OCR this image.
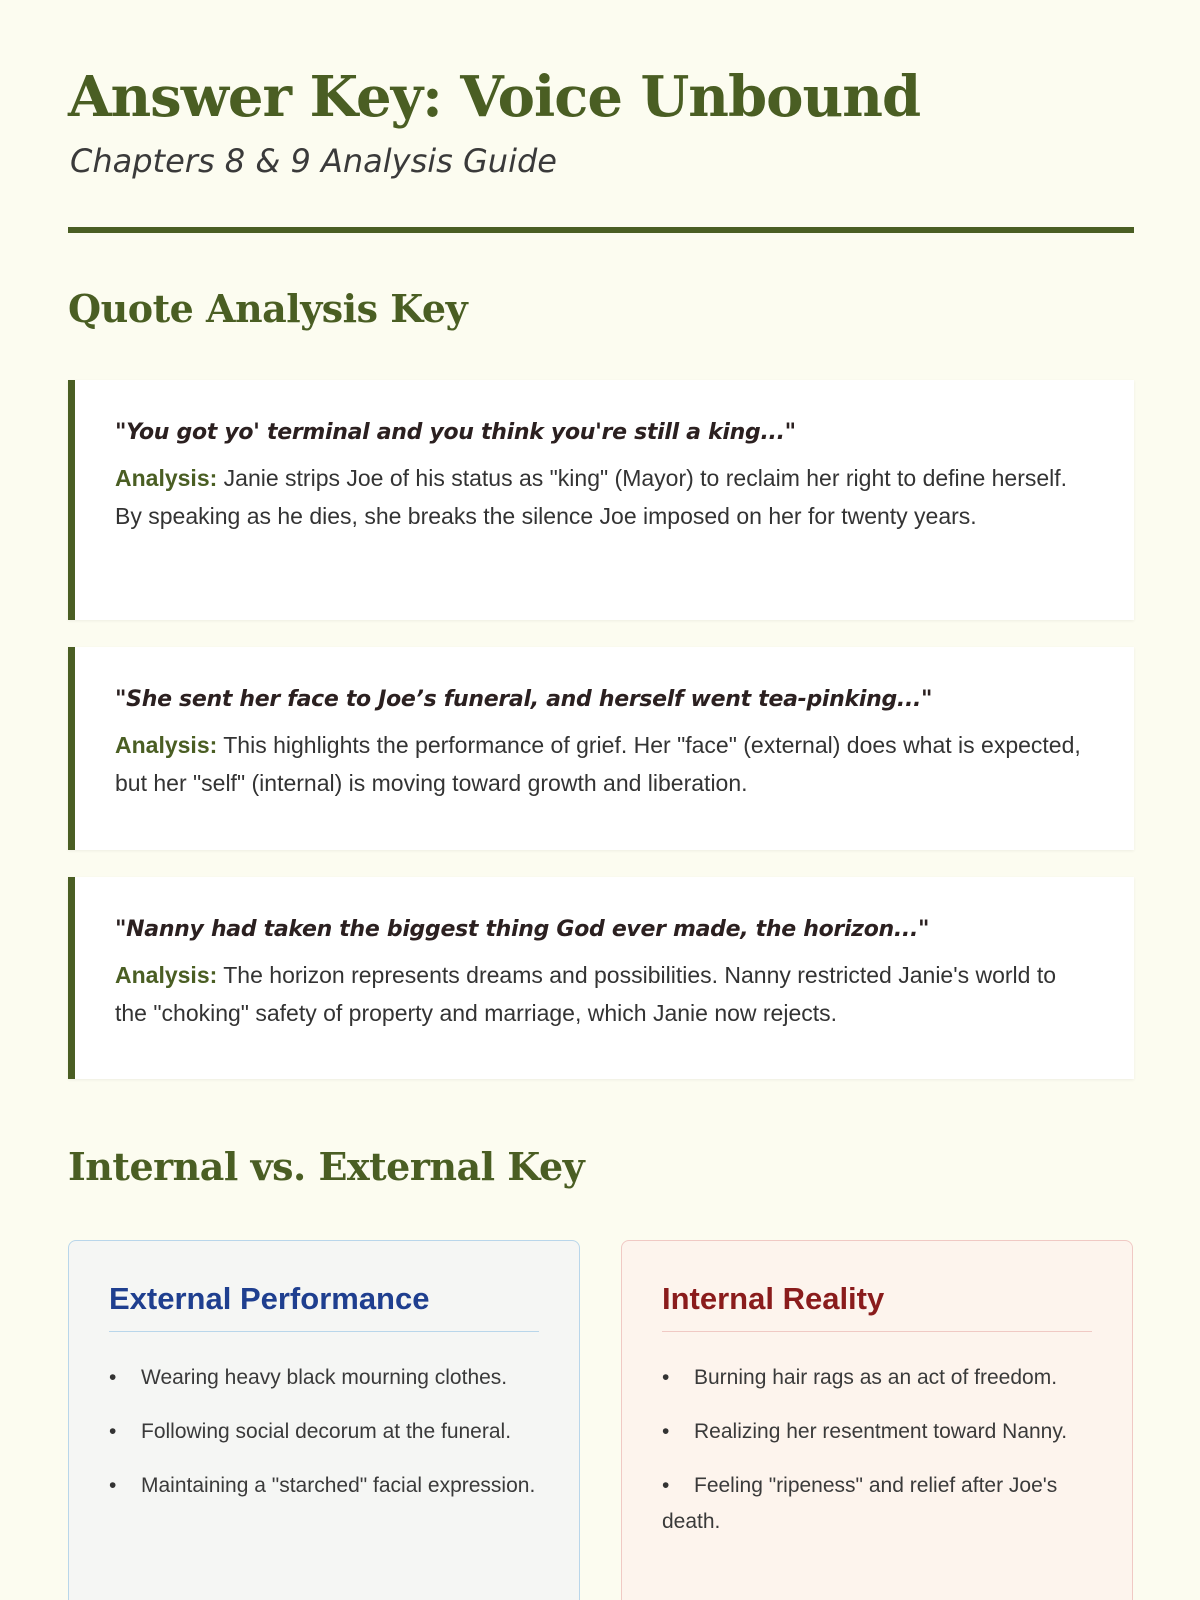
Answer Key: Voice Unbound
Chapters 8 & 9 Analysis Guide
Quote Analysis Key
"You got yo' terminal and you think you're still a king..."
Analysis: Janie strips Joe of his status as "king" (Mayor) to reclaim her right to define herself. By speaking as he dies, she breaks the silence Joe imposed on her for twenty years.
"She sent her face to Joe’s funeral, and herself went tea-pinking..."
Analysis: This highlights the performance of grief. Her "face" (external) does what is expected, but her "self" (internal) is moving toward growth and liberation.
"Nanny had taken the biggest thing God ever made, the horizon..."
Analysis: The horizon represents dreams and possibilities. Nanny restricted Janie's world to the "choking" safety of property and marriage, which Janie now rejects.
Internal vs. External Key
External Performance
• Wearing heavy black mourning clothes.
• Following social decorum at the funeral.
• Maintaining a "starched" facial expression.
Internal Reality
• Burning hair rags as an act of freedom.
• Realizing her resentment toward Nanny.
• Feeling "ripeness" and relief after Joe's death.
